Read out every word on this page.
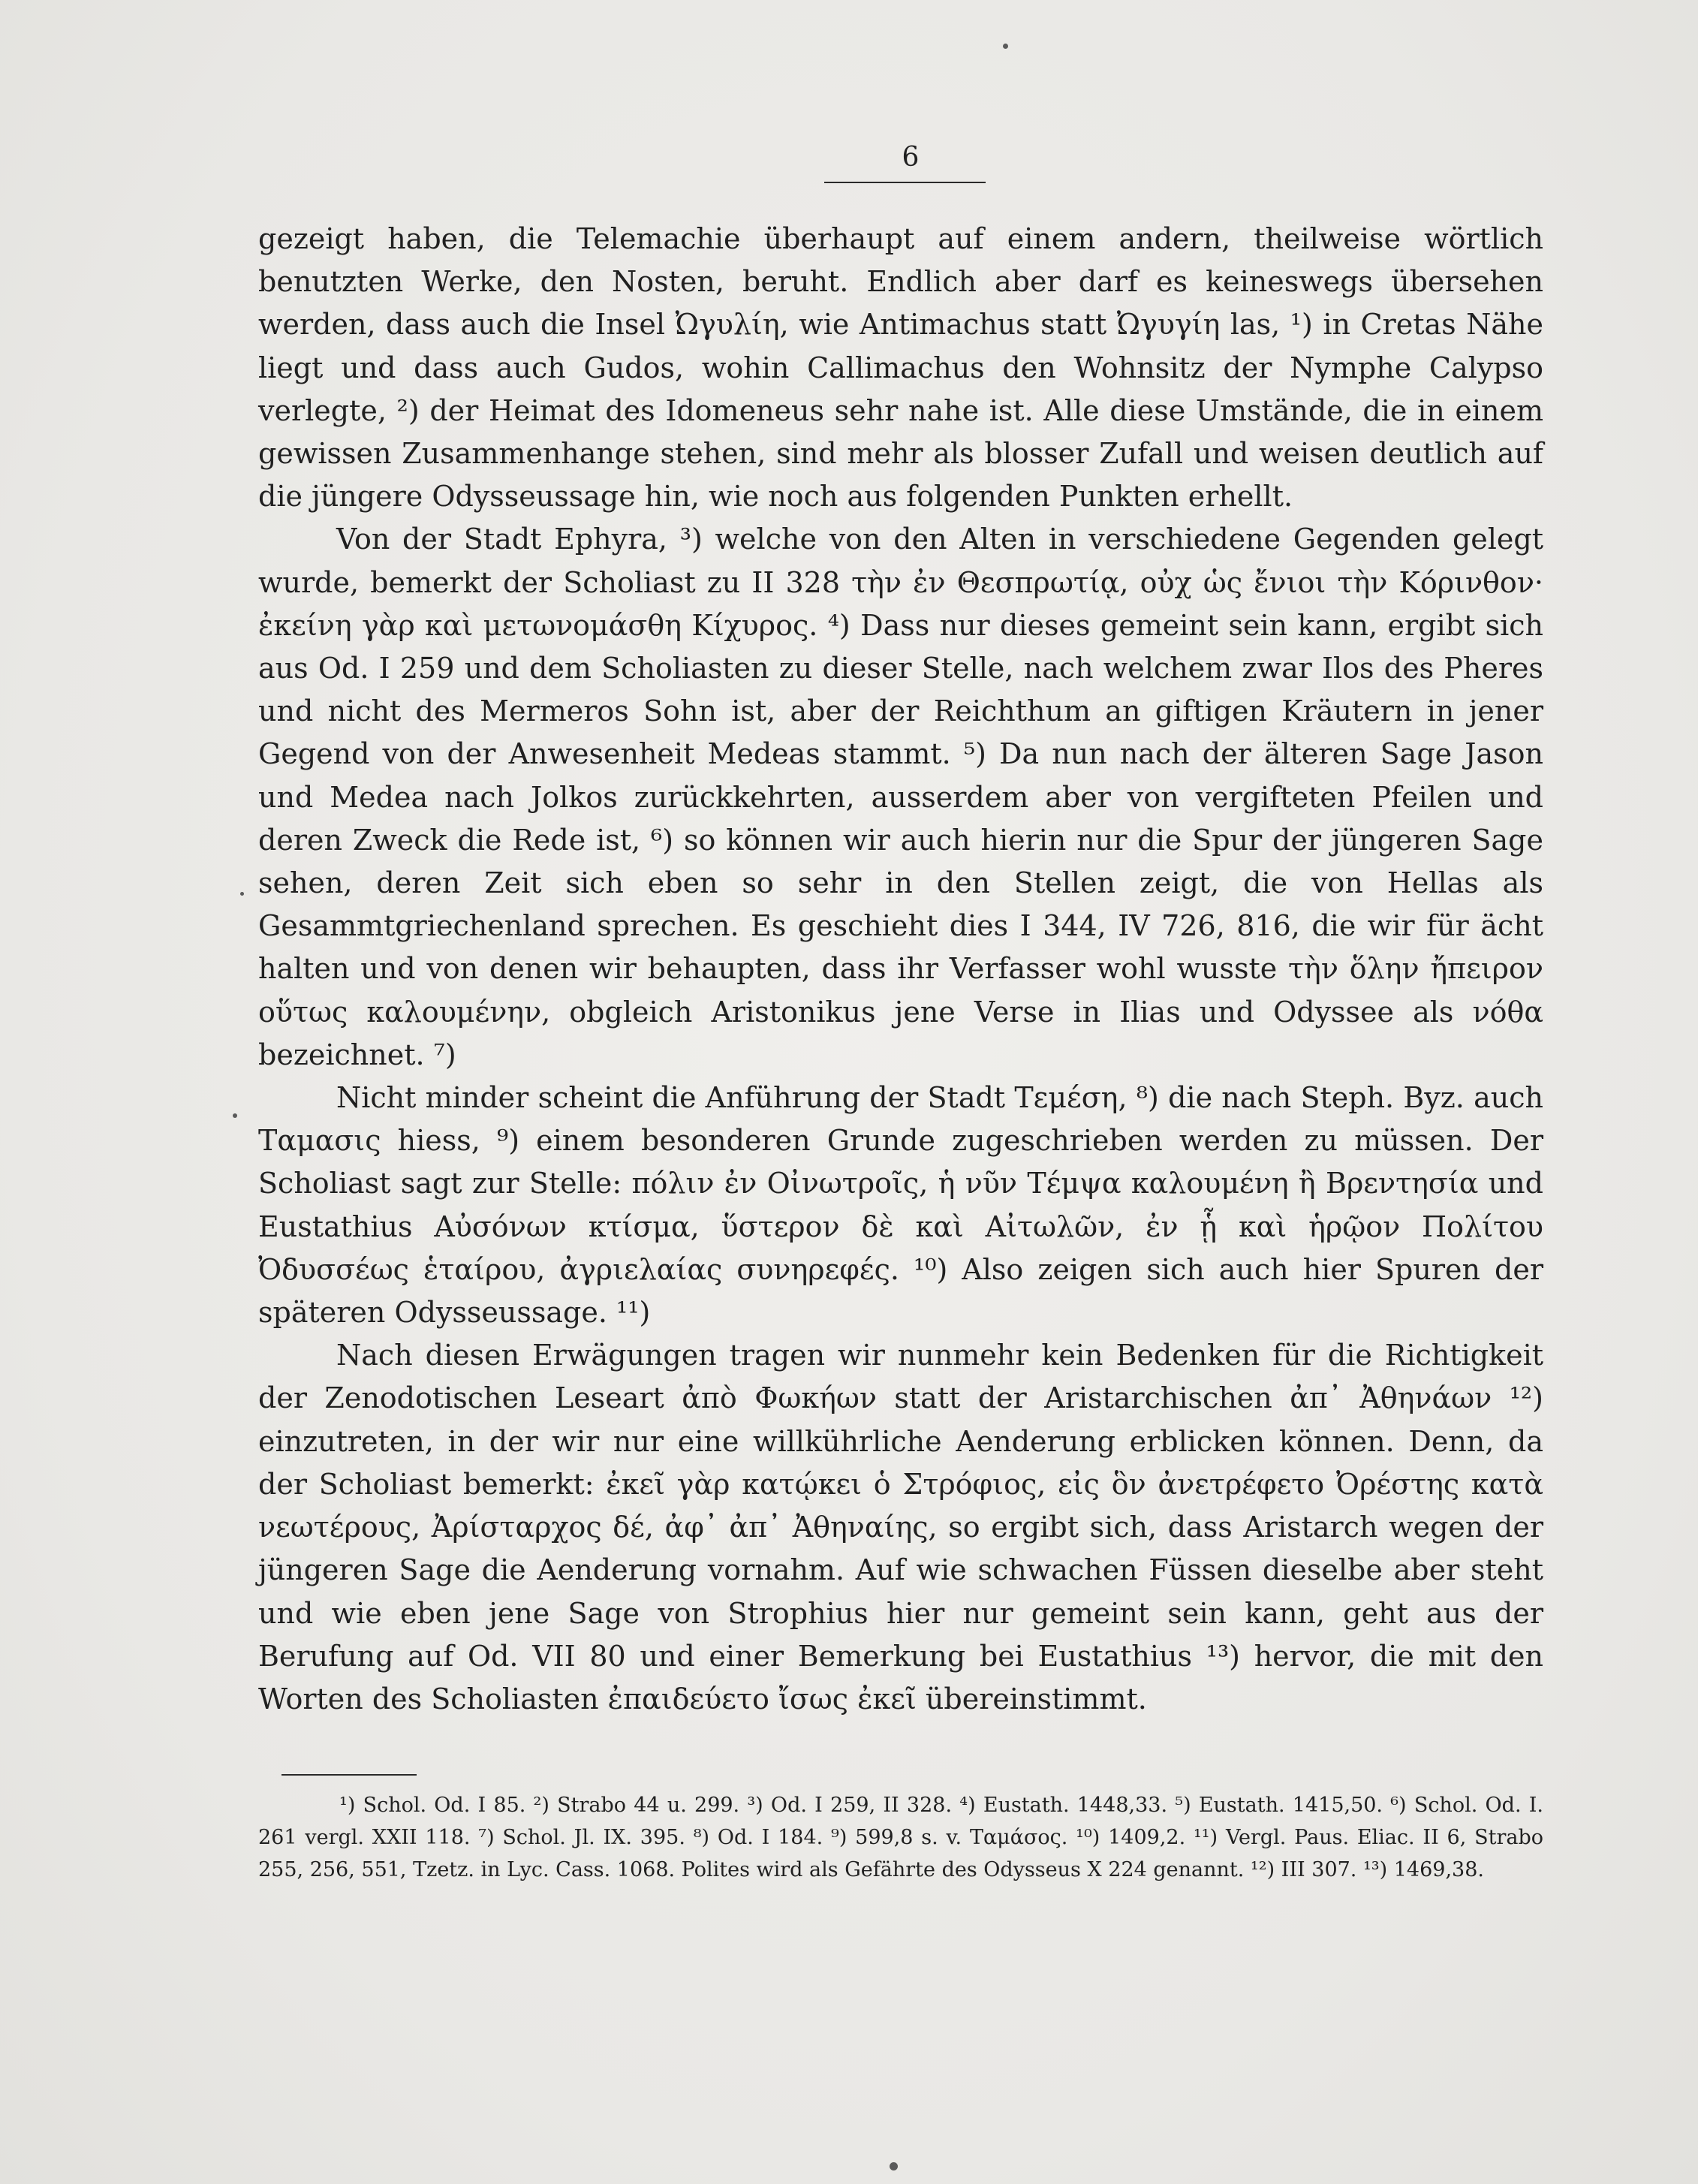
6

gezeigt haben, die Telemachie überhaupt auf einem andern, theilweise wörtlich benutzten Werke, den Nosten, beruht. Endlich aber darf es keineswegs übersehen werden, dass auch die Insel Ὠγυλίη, wie Antimachus statt Ὠγυγίη las, ¹) in Cretas Nähe liegt und dass auch Gudos, wohin Callimachus den Wohnsitz der Nymphe Calypso verlegte, ²) der Heimat des Idomeneus sehr nahe ist. Alle diese Umstände, die in einem gewissen Zusammenhange stehen, sind mehr als blosser Zufall und weisen deutlich auf die jüngere Odysseussage hin, wie noch aus folgenden Punkten erhellt.

Von der Stadt Ephyra, ³) welche von den Alten in verschiedene Gegenden gelegt wurde, bemerkt der Scholiast zu II 328 τὴν ἐν Θεσπρωτίᾳ, οὐχ ὡς ἔνιοι τὴν Κόρινθον· ἐκείνη γὰρ καὶ μετωνομάσθη Κίχυρος. ⁴) Dass nur dieses gemeint sein kann, ergibt sich aus Od. I 259 und dem Scholiasten zu dieser Stelle, nach welchem zwar Ilos des Pheres und nicht des Mermeros Sohn ist, aber der Reichthum an giftigen Kräutern in jener Gegend von der Anwesenheit Medeas stammt. ⁵) Da nun nach der älteren Sage Jason und Medea nach Jolkos zurückkehrten, ausserdem aber von vergifteten Pfeilen und deren Zweck die Rede ist, ⁶) so können wir auch hierin nur die Spur der jüngeren Sage sehen, deren Zeit sich eben so sehr in den Stellen zeigt, die von Hellas als Gesammtgriechenland sprechen. Es geschieht dies I 344, IV 726, 816, die wir für ächt halten und von denen wir behaupten, dass ihr Verfasser wohl wusste τὴν ὅλην ἤπειρον οὕτως καλουμένην, obgleich Aristonikus jene Verse in Ilias und Odyssee als νόθα bezeichnet. ⁷)

Nicht minder scheint die Anführung der Stadt Τεμέση, ⁸) die nach Steph. Byz. auch Ταμασις hiess, ⁹) einem besonderen Grunde zugeschrieben werden zu müssen. Der Scholiast sagt zur Stelle: πόλιν ἐν Οἰνωτροῖς, ἡ νῦν Τέμψα καλουμένη ἢ Βρεντησία und Eustathius Αὐσόνων κτίσμα, ὕστερον δὲ καὶ Αἰτωλῶν, ἐν ᾗ καὶ ἡρῷον Πολίτου Ὀδυσσέως ἑταίρου, ἀγριελαίας συνηρεφές. ¹⁰) Also zeigen sich auch hier Spuren der späteren Odysseussage. ¹¹)

Nach diesen Erwägungen tragen wir nunmehr kein Bedenken für die Richtigkeit der Zenodotischen Leseart ἀπὸ Φωκήων statt der Aristarchischen ἀπ᾽ Ἀθηνάων ¹²) einzutreten, in der wir nur eine willkührliche Aenderung erblicken können. Denn, da der Scholiast bemerkt: ἐκεῖ γὰρ κατῴκει ὁ Στρόφιος, εἰς ὃν ἀνετρέφετο Ὀρέστης κατὰ νεωτέρους, Ἀρίσταρχος δέ, ἀφ᾽ ἀπ᾽ Ἀθηναίης, so ergibt sich, dass Aristarch wegen der jüngeren Sage die Aenderung vornahm. Auf wie schwachen Füssen dieselbe aber steht und wie eben jene Sage von Strophius hier nur gemeint sein kann, geht aus der Berufung auf Od. VII 80 und einer Bemerkung bei Eustathius ¹³) hervor, die mit den Worten des Scholiasten ἐπαιδεύετο ἴσως ἐκεῖ übereinstimmt.

¹) Schol. Od. I 85. ²) Strabo 44 u. 299. ³) Od. I 259, II 328. ⁴) Eustath. 1448,33. ⁵) Eustath. 1415,50. ⁶) Schol. Od. I. 261 vergl. XXII 118. ⁷) Schol. Jl. IX. 395. ⁸) Od. I 184. ⁹) 599,8 s. v. Ταμάσος. ¹⁰) 1409,2. ¹¹) Vergl. Paus. Eliac. II 6, Strabo 255, 256, 551, Tzetz. in Lyc. Cass. 1068. Polites wird als Gefährte des Odysseus X 224 genannt. ¹²) III 307. ¹³) 1469,38.
